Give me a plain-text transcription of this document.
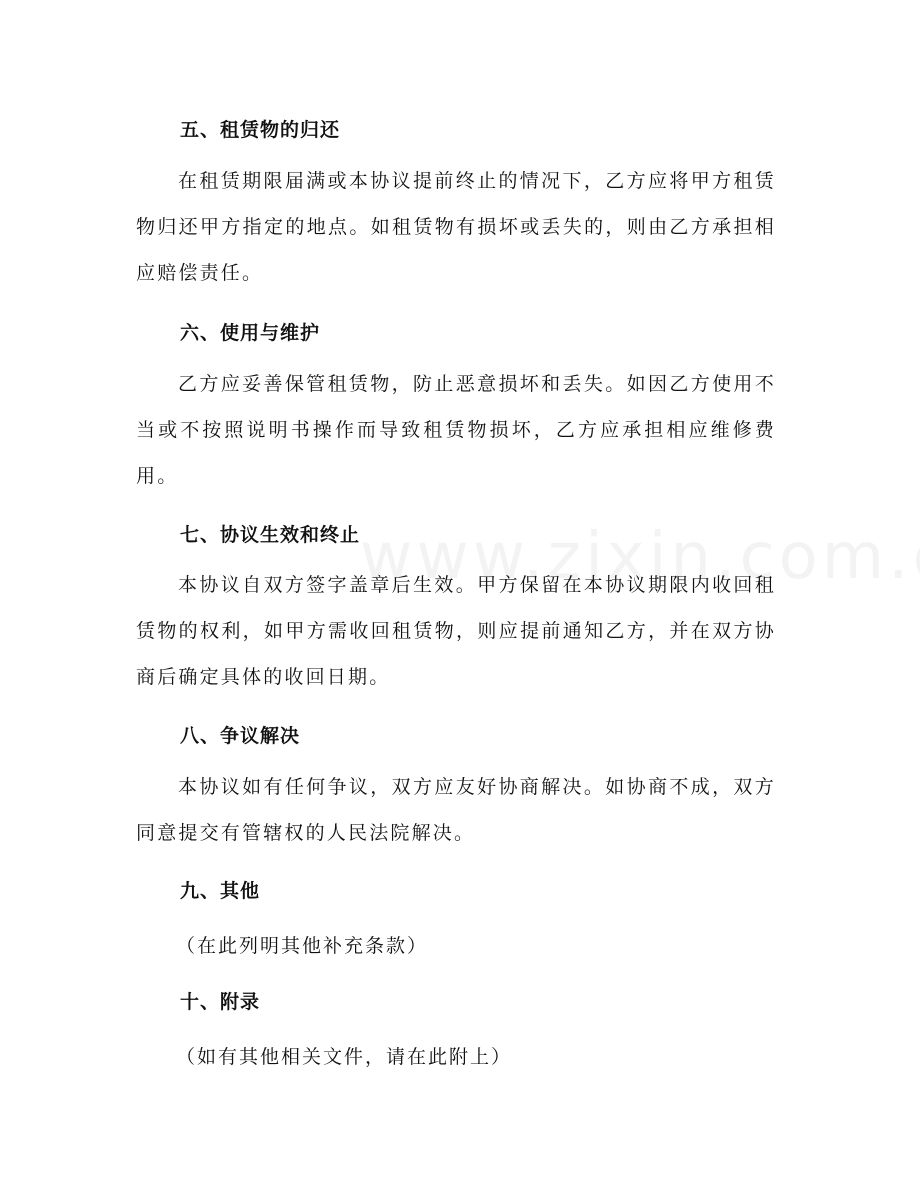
五、租赁物的归还
在租赁期限届满或本协议提前终止的情况下，乙方应将甲方租赁物归还甲方指定的地点。如租赁物有损坏或丢失的，则由乙方承担相应赔偿责任。
六、使用与维护
乙方应妥善保管租赁物，防止恶意损坏和丢失。如因乙方使用不当或不按照说明书操作而导致租赁物损坏，乙方应承担相应维修费用。
七、协议生效和终止
本协议自双方签字盖章后生效。甲方保留在本协议期限内收回租赁物的权利，如甲方需收回租赁物，则应提前通知乙方，并在双方协商后确定具体的收回日期。
八、争议解决
本协议如有任何争议，双方应友好协商解决。如协商不成，双方同意提交有管辖权的人民法院解决。
九、其他
（在此列明其他补充条款）
十、附录
（如有其他相关文件，请在此附上）
